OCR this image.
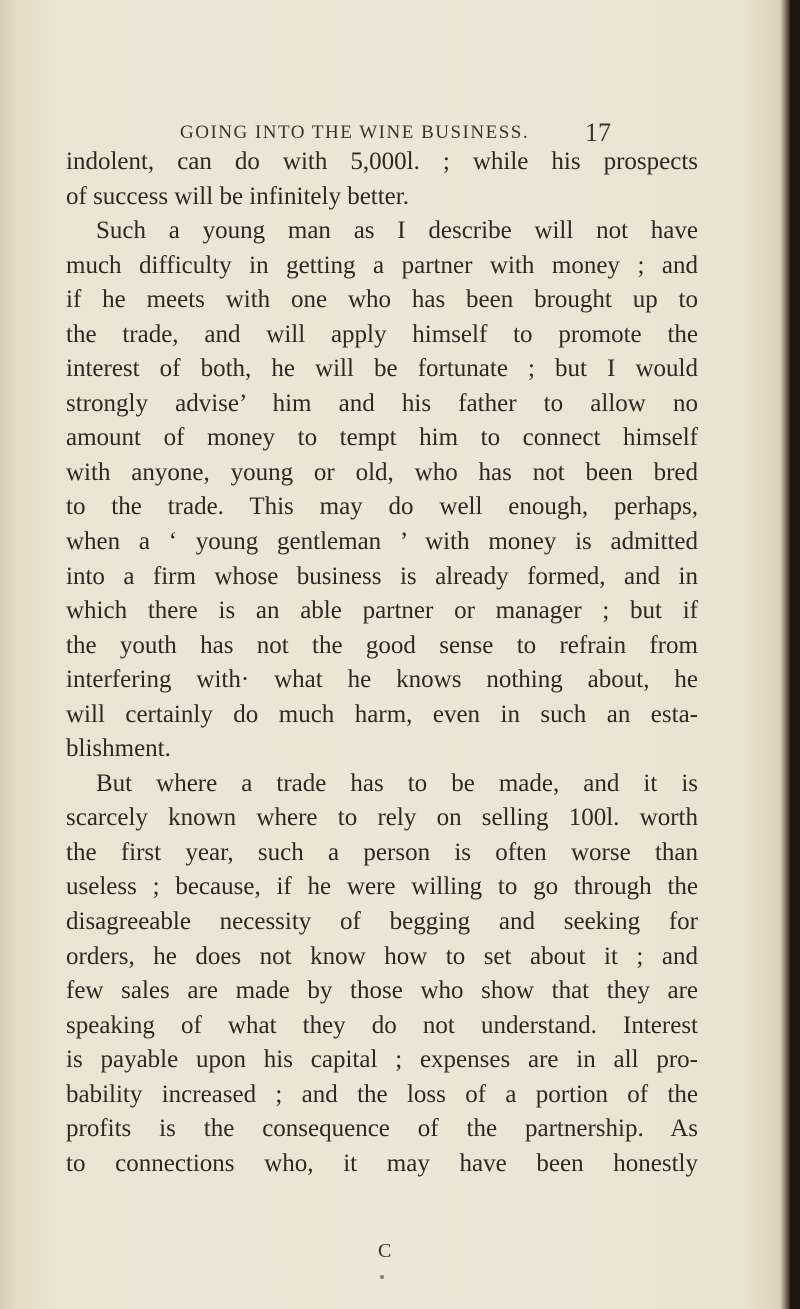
GOING INTO THE WINE BUSINESS. 17
indolent, can do with 5,000l. ; while his prospects
of success will be infinitely better.
Such a young man as I describe will not have
much difficulty in getting a partner with money ; and
if he meets with one who has been brought up to
the trade, and will apply himself to promote the
interest of both, he will be fortunate ; but I would
strongly advise’ him and his father to allow no
amount of money to tempt him to connect himself
with anyone, young or old, who has not been bred
to the trade. This may do well enough, perhaps,
when a ‘ young gentleman ’ with money is admitted
into a firm whose business is already formed, and in
which there is an able partner or manager ; but if
the youth has not the good sense to refrain from
interfering with· what he knows nothing about, he
will certainly do much harm, even in such an esta-
blishment.
But where a trade has to be made, and it is
scarcely known where to rely on selling 100l. worth
the first year, such a person is often worse than
useless ; because, if he were willing to go through the
disagreeable necessity of begging and seeking for
orders, he does not know how to set about it ; and
few sales are made by those who show that they are
speaking of what they do not understand. Interest
is payable upon his capital ; expenses are in all pro-
bability increased ; and the loss of a portion of the
profits is the consequence of the partnership. As
to connections who, it may have been honestly
C
